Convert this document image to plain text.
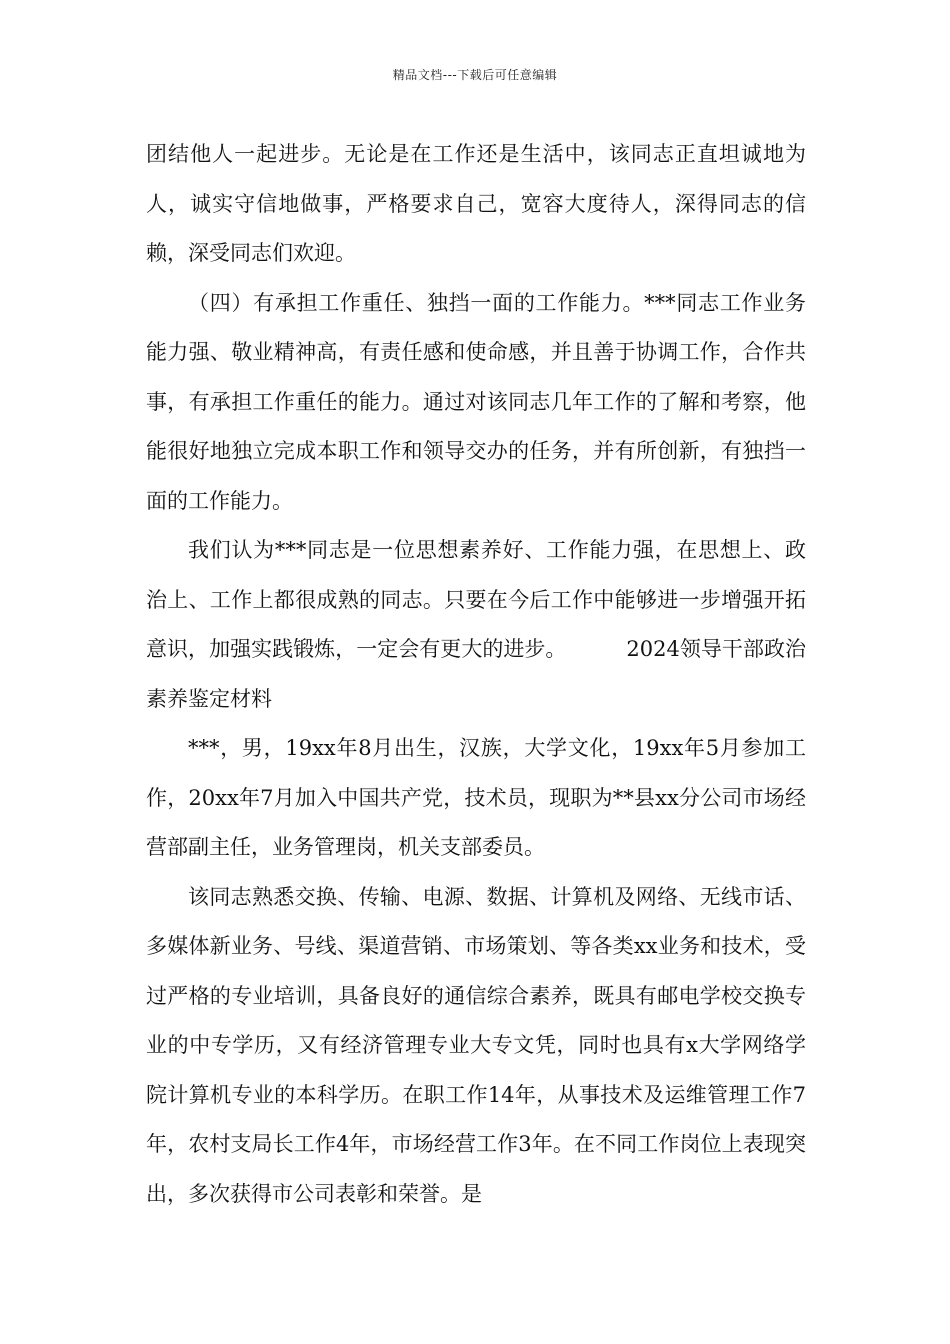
精品文档---下载后可任意编辑

团结他人一起进步。无论是在工作还是生活中，该同志正直坦诚地为人，诚实守信地做事，严格要求自己，宽容大度待人，深得同志的信赖，深受同志们欢迎。

（四）有承担工作重任、独挡一面的工作能力。***同志工作业务能力强、敬业精神高，有责任感和使命感，并且善于协调工作，合作共事，有承担工作重任的能力。通过对该同志几年工作的了解和考察，他能很好地独立完成本职工作和领导交办的任务，并有所创新，有独挡一面的工作能力。

我们认为***同志是一位思想素养好、工作能力强，在思想上、政治上、工作上都很成熟的同志。只要在今后工作中能够进一步增强开拓意识，加强实践锻炼，一定会有更大的进步。	2024领导干部政治素养鉴定材料

***，男，19xx年8月出生，汉族，大学文化，19xx年5月参加工作，20xx年7月加入中国共产党，技术员，现职为**县xx分公司市场经营部副主任，业务管理岗，机关支部委员。

该同志熟悉交换、传输、电源、数据、计算机及网络、无线市话、多媒体新业务、号线、渠道营销、市场策划、等各类xx业务和技术，受过严格的专业培训，具备良好的通信综合素养，既具有邮电学校交换专业的中专学历，又有经济管理专业大专文凭，同时也具有x大学网络学院计算机专业的本科学历。在职工作14年，从事技术及运维管理工作7年，农村支局长工作4年，市场经营工作3年。在不同工作岗位上表现突出，多次获得市公司表彰和荣誉。是
